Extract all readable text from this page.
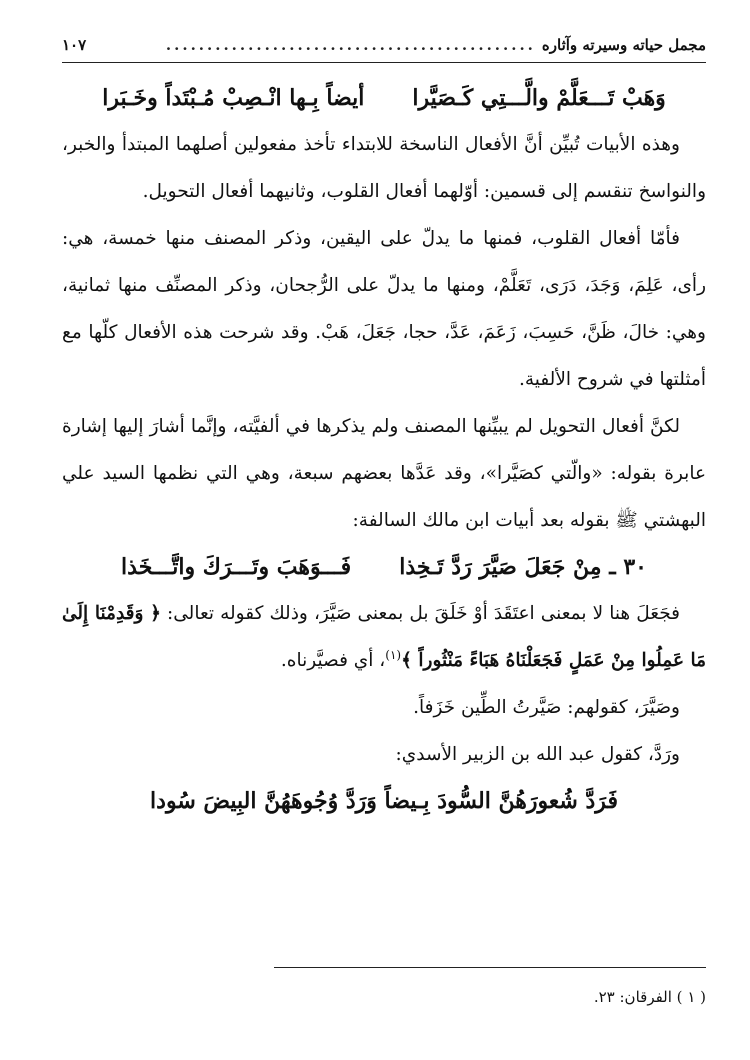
مجمل حياته وسيرته وآثاره
.............................................
١٠٧
وَهَبْ تَـــعَلَّمْ والَّـــتِي كَـصَيَّرا
أيضاً بِـها انْـصِبْ مُـبْتَداً وخَـبَرا

وهذه الأبيات تُبيِّن أنَّ الأفعال الناسخة للابتداء تأخذ مفعولين أصلهما المبتدأ والخبر، والنواسخ تنقسم إلى قسمين: أوّلهما أفعال القلوب، وثانيهما أفعال التحويل.

فأمّا أفعال القلوب، فمنها ما يدلّ على اليقين، وذكر المصنف منها خمسة، هي: رأى، عَلِمَ، وَجَدَ، دَرَى، تَعَلَّمْ، ومنها ما يدلّ على الرُّجحان، وذكر المصنِّف منها ثمانية، وهي: خالَ، ظَنَّ، حَسِبَ، زَعَمَ، عَدَّ، حجا، جَعَلَ، هَبْ. وقد شرحت هذه الأفعال كلّها مع أمثلتها في شروح الألفية.

لكنَّ أفعال التحويل لم يبيِّنها المصنف ولم يذكرها في ألفيَّته، وإنَّما أشارَ إليها إشارة عابرة بقوله: «والّتي كصَيَّرا»، وقد عَدَّها بعضهم سبعة، وهي التي نظمها السيد علي البهشتي ﷺ بقوله بعد أبيات ابن مالك السالفة:

٣٠ ـ مِنْ جَعَلَ صَيَّرَ رَدَّ تَـخِذا
فَـــوَهَبَ وتَـــرَكَ واتَّـــخَذا

فجَعَلَ هنا لا بمعنى اعتَقَدَ أوْ خَلَقَ بل بمعنى صَيَّرَ، وذلك كقوله تعالى: ﴿ وَقَدِمْنَا إِلَىٰ مَا عَمِلُوا مِنْ عَمَلٍ فَجَعَلْنَاهُ هَبَاءً مَنْثُوراً ﴾$^{(١)}$، أي فصيَّرناه.

وصَيَّرَ، كقولهم: صَيَّرتُ الطِّين خَزَفاً.

ورَدَّ، كقول عبد الله بن الزبير الأسدي:

فَرَدَّ شُعورَهُنَّ السُّودَ بِـيضاً وَرَدَّ وُجُوهَهُنَّ البِيضَ سُودا
( ١ ) الفرقان: ٢٣.
